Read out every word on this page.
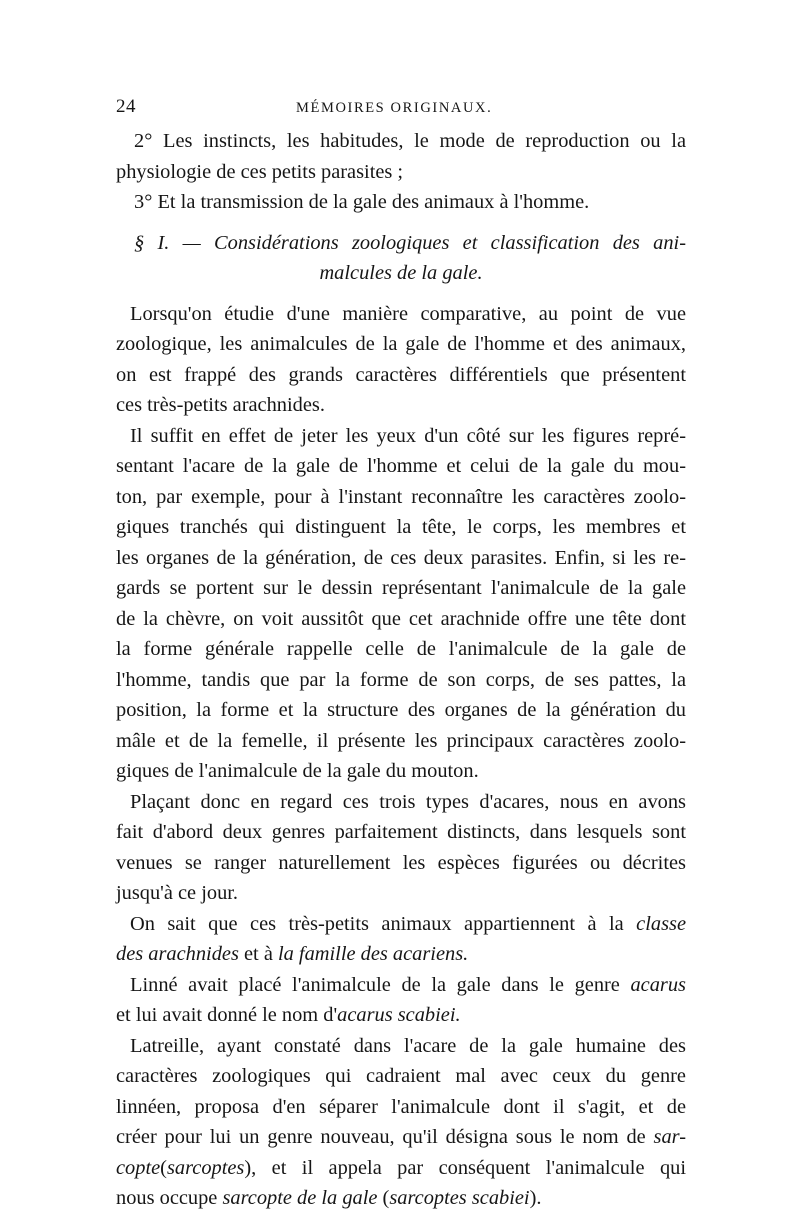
24	MÉMOIRES ORIGINAUX.
2° Les instincts, les habitudes, le mode de reproduction ou la
physiologie de ces petits parasites ;
3° Et la transmission de la gale des animaux à l'homme.
§ I. — Considérations zoologiques et classification des ani-
malcules de la gale.
Lorsqu'on étudie d'une manière comparative, au point de vue
zoologique, les animalcules de la gale de l'homme et des animaux,
on est frappé des grands caractères différentiels que présentent
ces très-petits arachnides.
Il suffit en effet de jeter les yeux d'un côté sur les figures repré-
sentant l'acare de la gale de l'homme et celui de la gale du mou-
ton, par exemple, pour à l'instant reconnaître les caractères zoolo-
giques tranchés qui distinguent la tête, le corps, les membres et
les organes de la génération, de ces deux parasites. Enfin, si les re-
gards se portent sur le dessin représentant l'animalcule de la gale
de la chèvre, on voit aussitôt que cet arachnide offre une tête dont
la forme générale rappelle celle de l'animalcule de la gale de
l'homme, tandis que par la forme de son corps, de ses pattes, la
position, la forme et la structure des organes de la génération du
mâle et de la femelle, il présente les principaux caractères zoolo-
giques de l'animalcule de la gale du mouton.
Plaçant donc en regard ces trois types d'acares, nous en avons
fait d'abord deux genres parfaitement distincts, dans lesquels sont
venues se ranger naturellement les espèces figurées ou décrites
jusqu'à ce jour.
On sait que ces très-petits animaux appartiennent à la classe
des arachnides et à la famille des acariens.
Linné avait placé l'animalcule de la gale dans le genre acarus
et lui avait donné le nom d'acarus scabiei.
Latreille, ayant constaté dans l'acare de la gale humaine des
caractères zoologiques qui cadraient mal avec ceux du genre
linnéen, proposa d'en séparer l'animalcule dont il s'agit, et de
créer pour lui un genre nouveau, qu'il désigna sous le nom de sar-
copte(sarcoptes), et il appela par conséquent l'animalcule qui
nous occupe sarcopte de la gale (sarcoptes scabiei).
